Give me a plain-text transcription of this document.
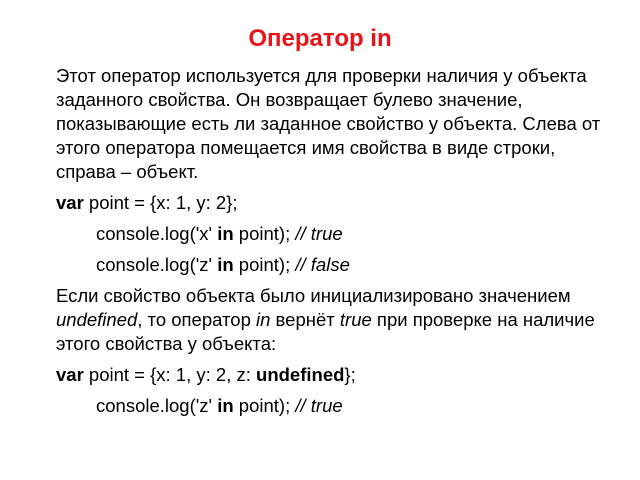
Оператор in

Этот оператор используется для проверки наличия у объекта заданного свойства. Он возвращает булево значение, показывающие есть ли заданное свойство у объекта. Слева от этого оператора помещается имя свойства в виде строки, справа – объект.

var point = {x: 1, y: 2};
console.log('x' in point); // true
console.log('z' in point); // false

Если свойство объекта было инициализировано значением undefined, то оператор in вернёт true при проверке на наличие этого свойства у объекта:

var point = {x: 1, y: 2, z: undefined};
console.log('z' in point); // true
